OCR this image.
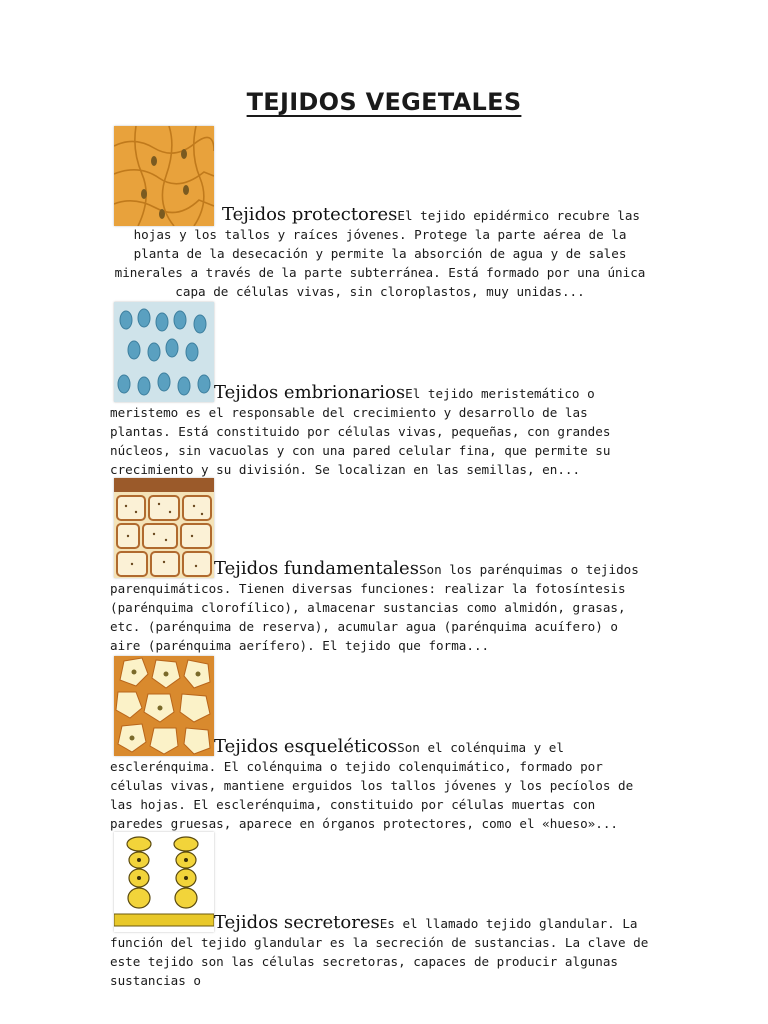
TEJIDOS VEGETALES
Tejidos protectoresEl tejido epidérmico recubre las hojas y los tallos y raíces jóvenes. Protege la parte aérea de la planta de la desecación y permite la absorción de agua y de sales minerales a través de la parte subterránea. Está formado por una única capa de células vivas, sin cloroplastos, muy unidas...
Tejidos embrionariosEl tejido meristemático o meristemo es el responsable del crecimiento y desarrollo de las plantas. Está constituido por células vivas, pequeñas, con grandes núcleos, sin vacuolas y con una pared celular fina, que permite su crecimiento y su división. Se localizan en las semillas, en...
Tejidos fundamentalesSon los parénquimas o tejidos parenquimáticos. Tienen diversas funciones: realizar la fotosíntesis (parénquima clorofílico), almacenar sustancias como almidón, grasas, etc. (parénquima de reserva), acumular agua (parénquima acuífero) o aire (parénquima aerífero). El tejido que forma...
Tejidos esqueléticosSon el colénquima y el esclerénquima. El colénquima o tejido colenquimático, formado por células vivas, mantiene erguidos los tallos jóvenes y los pecíolos de las hojas. El esclerénquima, constituido por células muertas con paredes gruesas, aparece en órganos protectores, como el «hueso»...
Tejidos secretoresEs el llamado tejido glandular. La función del tejido glandular es la secreción de sustancias. La clave de este tejido son las células secretoras, capaces de producir algunas sustancias o
